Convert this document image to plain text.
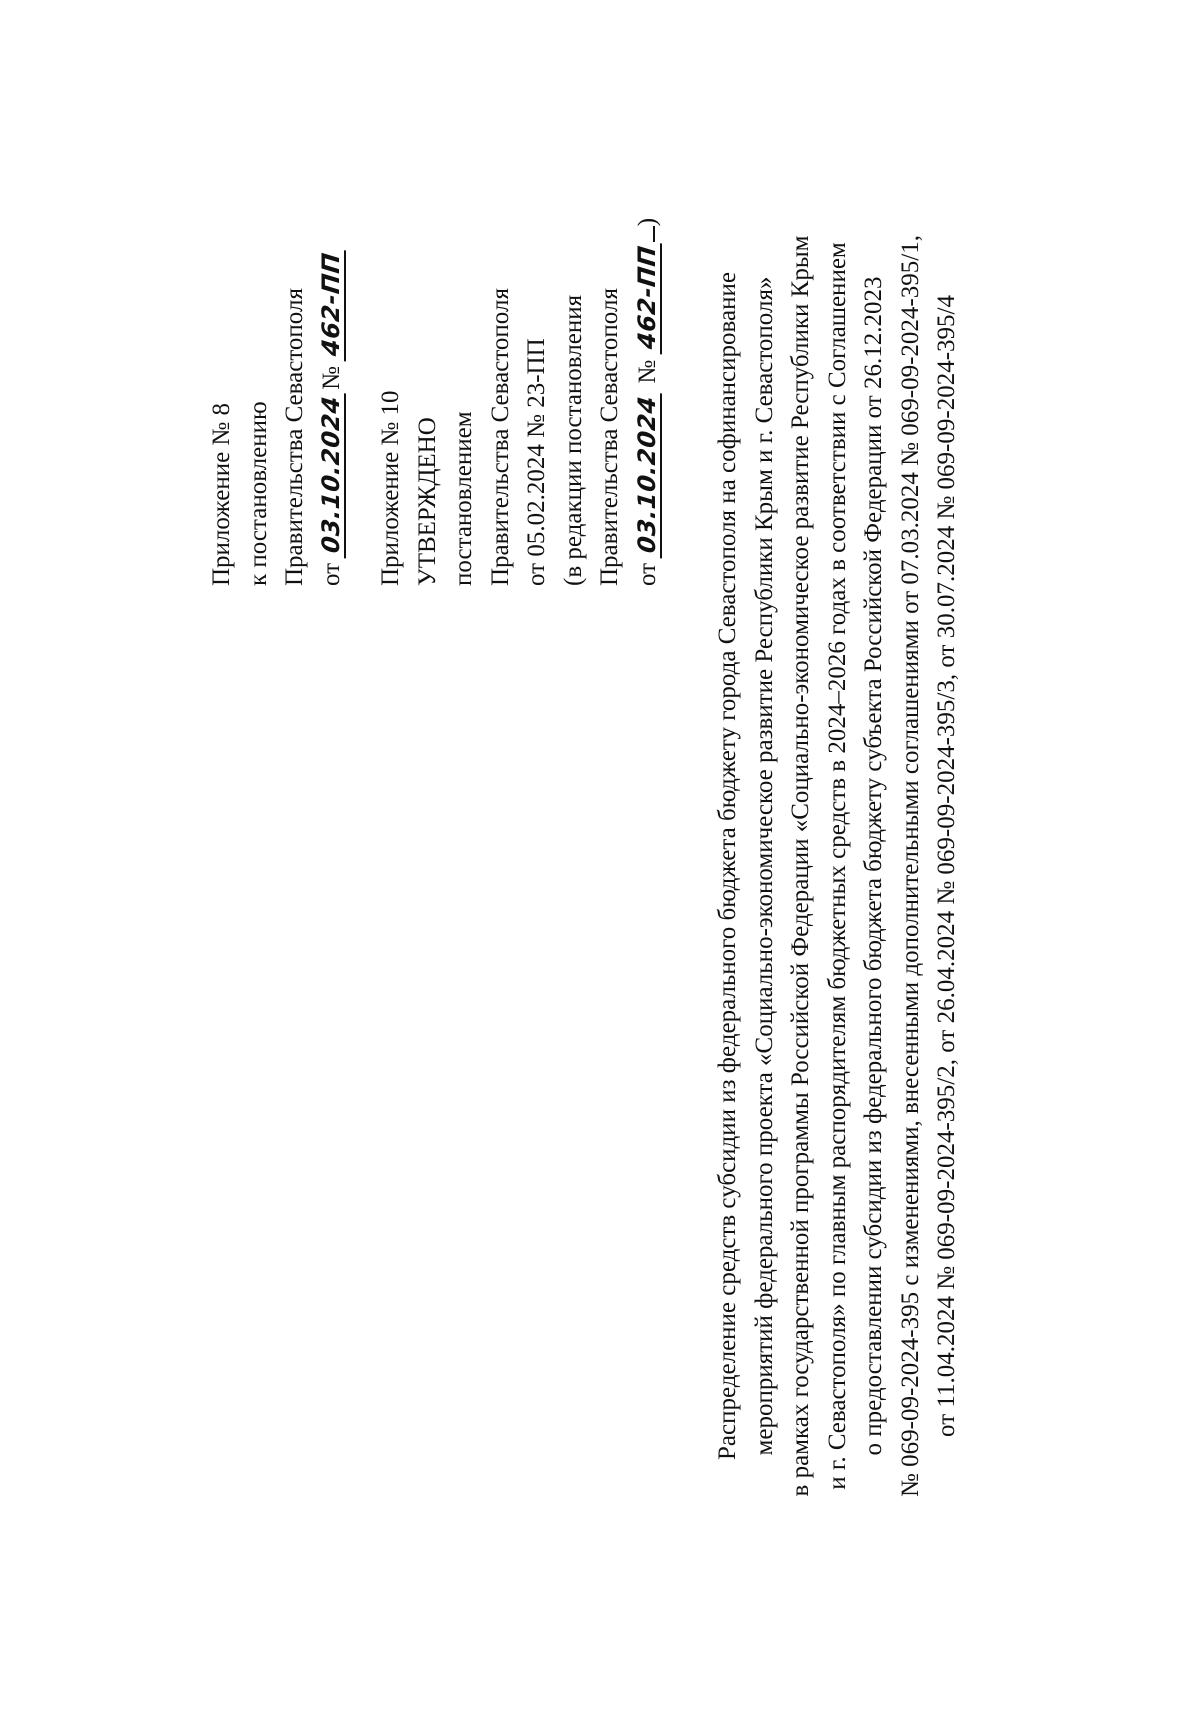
Приложение № 8 к постановлению Правительства Севастополя от 03.10.2024№ 462-ПП
Приложение № 10 УТВЕРЖДЕНО постановлением Правительства Севастополя от 05.02.2024 № 23-ПП (в редакции постановления Правительства Севастополя от 03.10.2024 № 462-ПП)
Распределение средств субсидии из федерального бюджета бюджету города Севастополя на софинансирование мероприятий федерального проекта «Социально-экономическое развитие Республики Крым и г. Севастополя» в рамках государственной программы Российской Федерации «Социально-экономическое развитие Республики Крым и г. Севастополя» по главным распорядителям бюджетных средств в 2024–2026 годах в соответствии с Соглашением о предоставлении субсидии из федерального бюджета бюджету субъекта Российской Федерации от 26.12.2023 № 069-09-2024-395 с изменениями, внесенными дополнительными соглашениями от 07.03.2024 № 069-09-2024-395/1, от 11.04.2024 № 069-09-2024-395/2, от 26.04.2024 № 069-09-2024-395/3, от 30.07.2024 № 069-09-2024-395/4
